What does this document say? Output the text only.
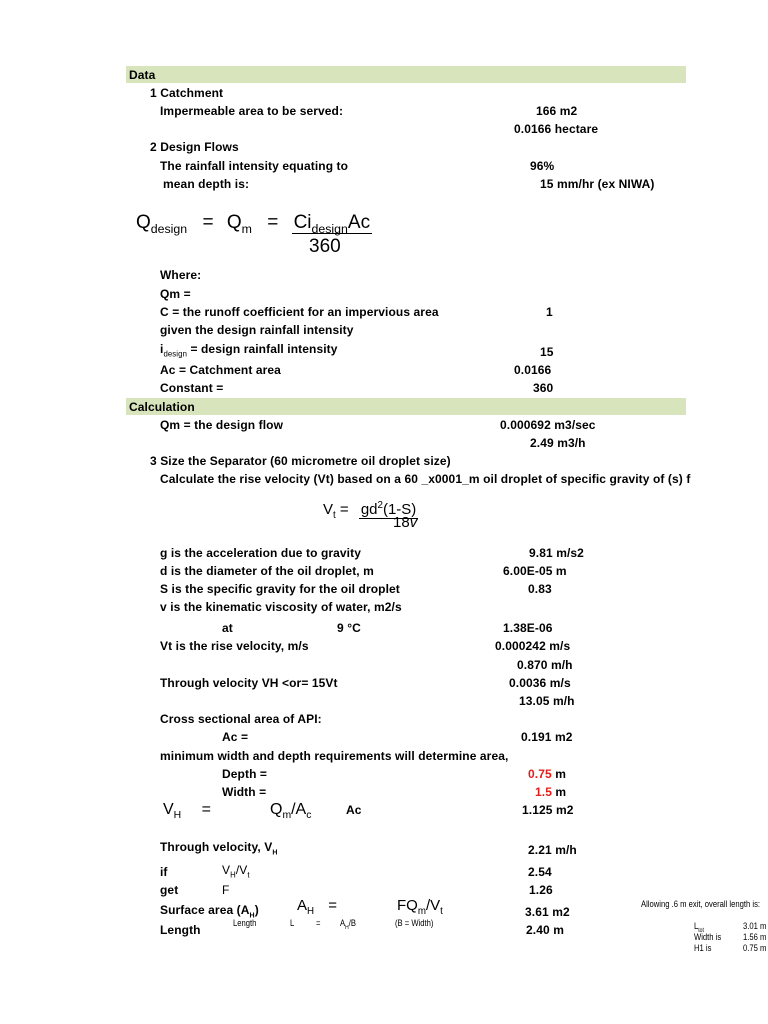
Data
1 Catchment
Impermeable area to be served:	166 m2
0.0166 hectare
2 Design Flows
The rainfall intensity equating to	96%
mean depth is:	15 mm/hr (ex NIWA)
$Q_{design} = Q_m = Ci_{design}Ac$
360
Where:
Qm =
C = the runoff coefficient for an impervious area	1
given the design rainfall intensity
$i_{design}$ = design rainfall intensity	15
Ac = Catchment area	0.0166
Constant =	360
Calculation
Qm = the design flow	0.000692 m3/sec
2.49 m3/h
3 Size the Separator (60 micrometre oil droplet size)
Calculate the rise velocity (Vt) based on a 60 _x0001_m oil droplet of specific gravity of (s) f
$V_t = gd^2(1-S)$
18v
g is the acceleration due to gravity	9.81 m/s2
d is the diameter of the oil droplet, m	6.00E-05 m
S is the specific gravity for the oil droplet	0.83
v is the kinematic viscosity of water, m2/s
at	9 °C	1.38E-06
Vt is the rise velocity, m/s	0.000242 m/s
0.870 m/h
Through velocity VH <or= 15Vt	0.0036 m/s
13.05 m/h
Cross sectional area of API:
Ac =	0.191 m2
minimum width and depth requirements will determine area,
Depth =	0.75 m
Width =	1.5 m
$V_H$ =	$Q_m/A_c$	Ac	1.125 m2
Through velocity, $V_H$	2.21 m/h
if	$V_H/V_t$	2.54
get	F	1.26
Surface area $(A_H)$	$A_H$ =	$FQ_m/V_t$	3.61 m2
Length	$L = A_H/B$	(B = Width)
Length	2.40 m
Allowing .6 m exit, overall length is:
$L_{tot}$	3.01 m
Width is 1.56 m
H1 is	0.75 m
